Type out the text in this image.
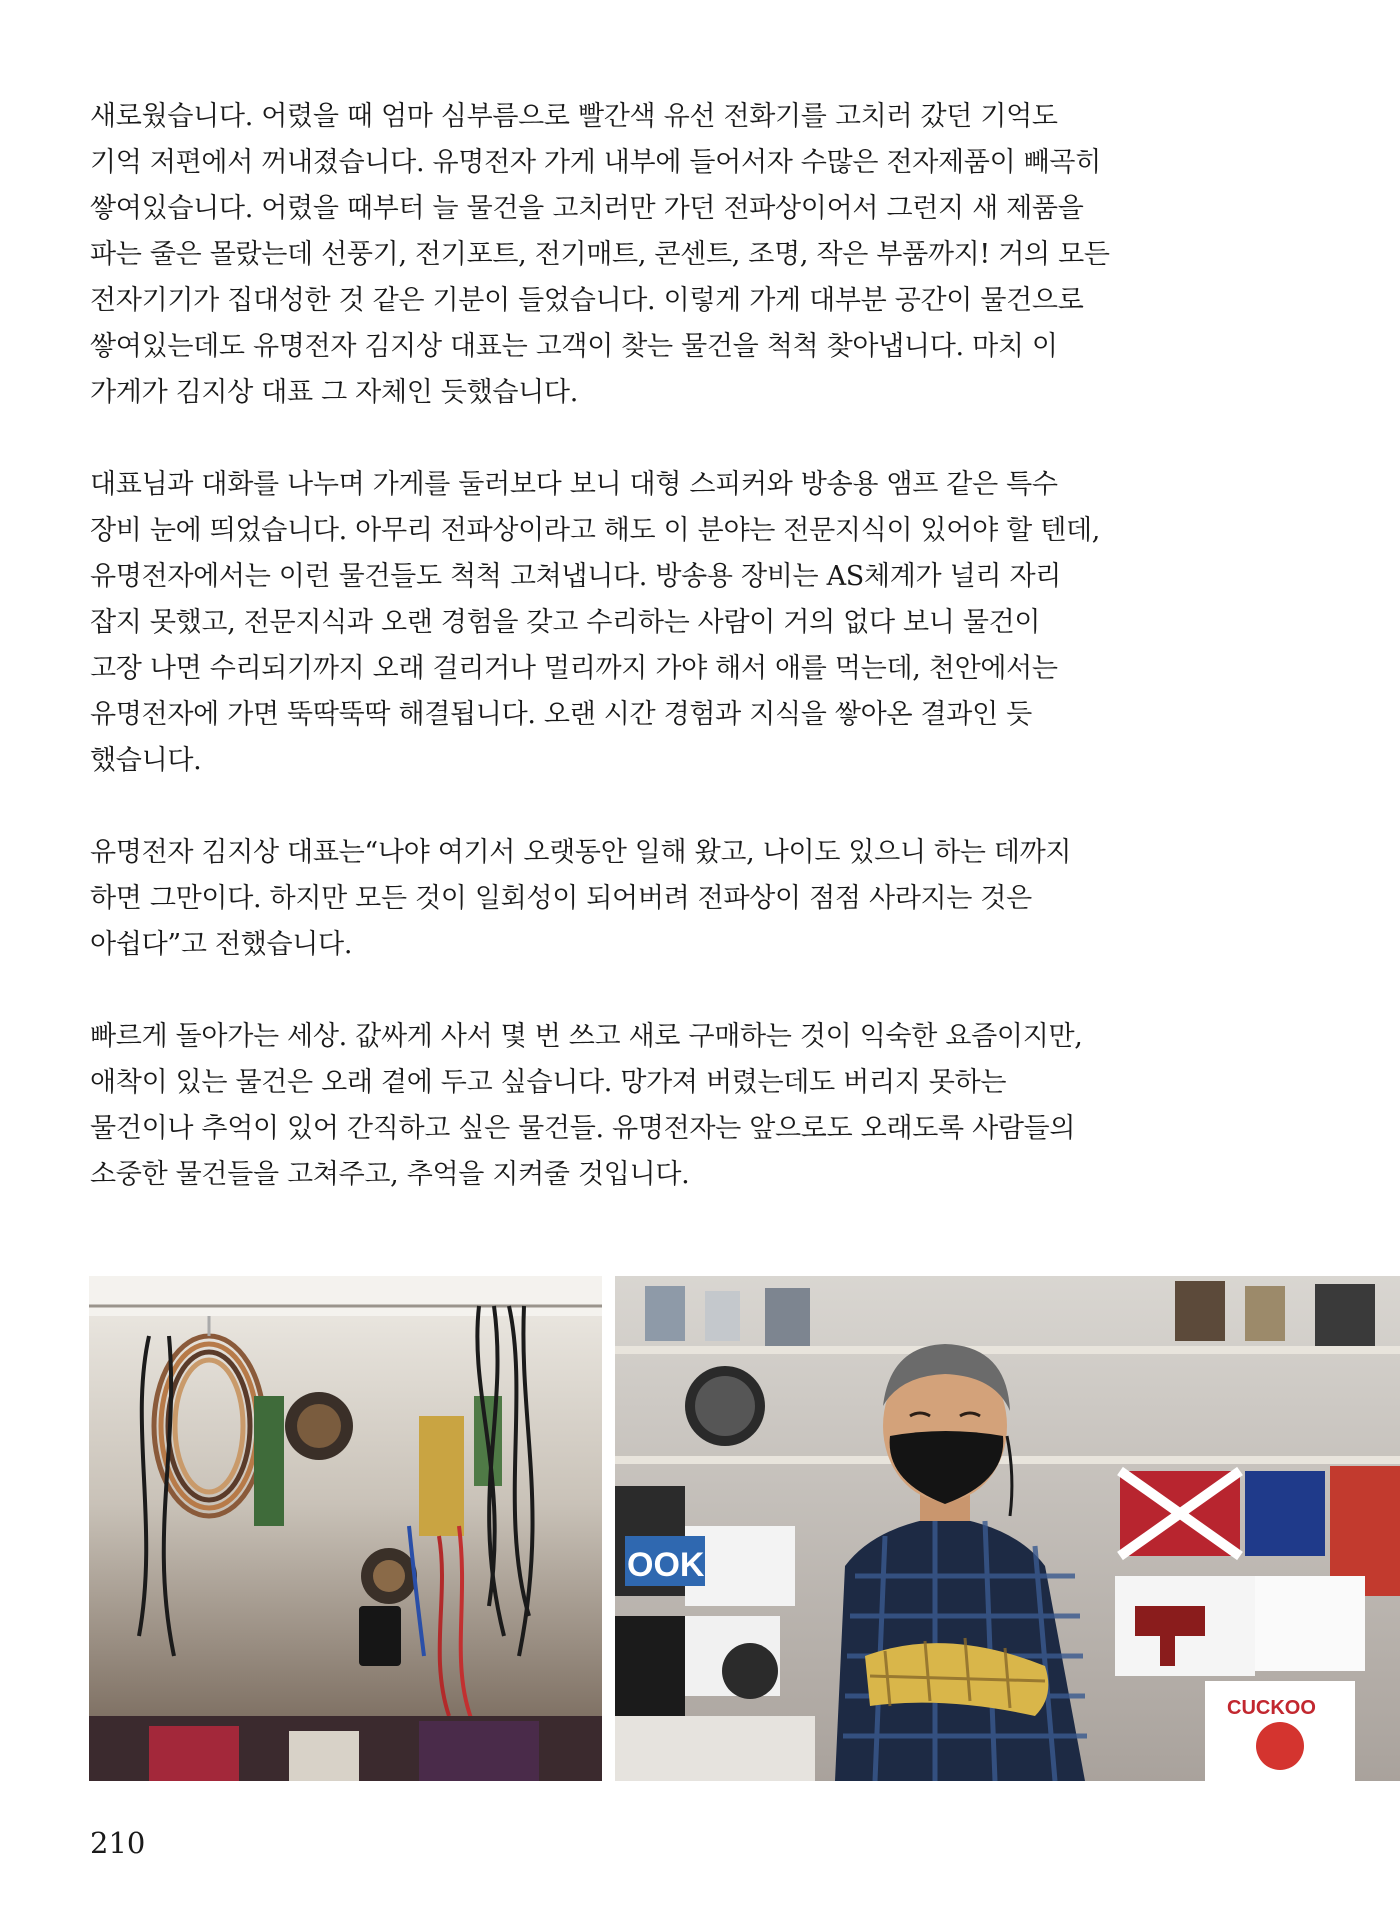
새로웠습니다. 어렸을 때 엄마 심부름으로 빨간색 유선 전화기를 고치러 갔던 기억도
기억 저편에서 꺼내졌습니다. 유명전자 가게 내부에 들어서자 수많은 전자제품이 빼곡히
쌓여있습니다. 어렸을 때부터 늘 물건을 고치러만 가던 전파상이어서 그런지 새 제품을
파는 줄은 몰랐는데 선풍기, 전기포트, 전기매트, 콘센트, 조명, 작은 부품까지! 거의 모든
전자기기가 집대성한 것 같은 기분이 들었습니다. 이렇게 가게 대부분 공간이 물건으로
쌓여있는데도 유명전자 김지상 대표는 고객이 찾는 물건을 척척 찾아냅니다. 마치 이
가게가 김지상 대표 그 자체인 듯했습니다.
대표님과 대화를 나누며 가게를 둘러보다 보니 대형 스피커와 방송용 앰프 같은 특수
장비 눈에 띄었습니다. 아무리 전파상이라고 해도 이 분야는 전문지식이 있어야 할 텐데,
유명전자에서는 이런 물건들도 척척 고쳐냅니다. 방송용 장비는 AS체계가 널리 자리
잡지 못했고, 전문지식과 오랜 경험을 갖고 수리하는 사람이 거의 없다 보니 물건이
고장 나면 수리되기까지 오래 걸리거나 멀리까지 가야 해서 애를 먹는데, 천안에서는
유명전자에 가면 뚝딱뚝딱 해결됩니다. 오랜 시간 경험과 지식을 쌓아온 결과인 듯
했습니다.
유명전자 김지상 대표는“나야 여기서 오랫동안 일해 왔고, 나이도 있으니 하는 데까지
하면 그만이다. 하지만 모든 것이 일회성이 되어버려 전파상이 점점 사라지는 것은
아쉽다”고 전했습니다.
빠르게 돌아가는 세상. 값싸게 사서 몇 번 쓰고 새로 구매하는 것이 익숙한 요즘이지만,
애착이 있는 물건은 오래 곁에 두고 싶습니다. 망가져 버렸는데도 버리지 못하는
물건이나 추억이 있어 간직하고 싶은 물건들. 유명전자는 앞으로도 오래도록 사람들의
소중한 물건들을 고쳐주고, 추억을 지켜줄 것입니다.
OOK
CUCKOO
210
